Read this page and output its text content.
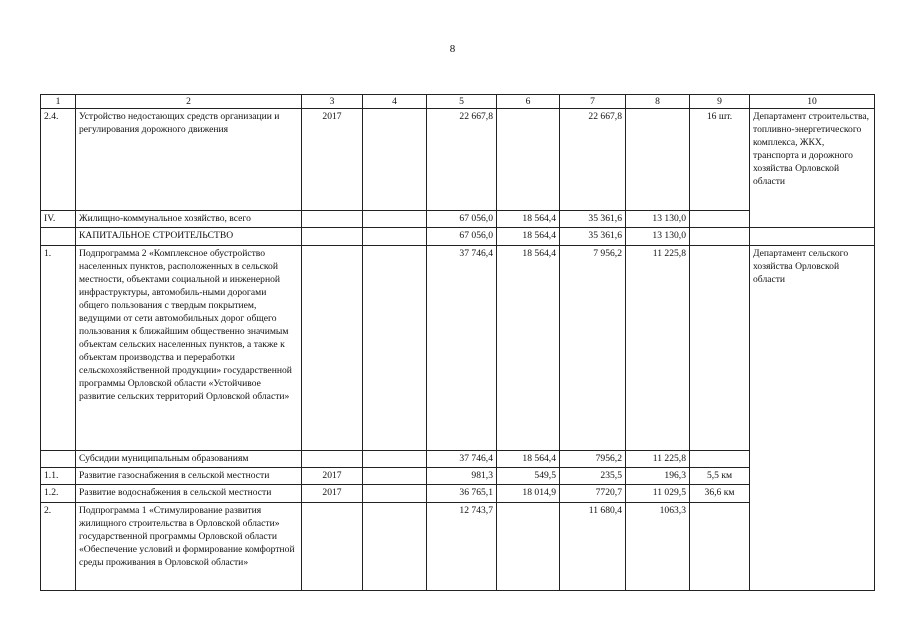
8
1	2	3	4	5	6	7	8	9	10
2.4.	Устройство недостающих средств организации и регулирования дорожного движения	2017		22 667,8		22 667,8		16 шт.	Департамент строительства, топливно-энергетического комплекса, ЖКХ, транспорта и дорожного хозяйства Орловской области
IV.	Жилищно-коммунальное хозяйство, всего			67 056,0	18 564,4	35 361,6	13 130,0		
	КАПИТАЛЬНОЕ СТРОИТЕЛЬСТВО			67 056,0	18 564,4	35 361,6	13 130,0		
1.	Подпрограмма 2 «Комплексное обустройство населенных пунктов, расположенных в сельской местности, объектами социальной и инженерной инфраструктуры, автомобиль-ными дорогами общего пользования с твердым покрытием, ведущими от сети автомобильных дорог общего пользования к ближайшим общественно значимым объектам сельских населенных пунктов, а также к объектам производства и переработки сельскохозяйственной продукции» государственной программы Орловской области «Устойчивое развитие сельских территорий Орловской области»			37 746,4	18 564,4	7 956,2	11 225,8		Департамент сельского хозяйства Орловской области
	Субсидии муниципальным образованиям			37 746,4	18 564,4	7956,2	11 225,8		
1.1.	Развитие газоснабжения в сельской местности	2017		981,3	549,5	235,5	196,3	5,5 км	
1.2.	Развитие водоснабжения в сельской местности	2017		36 765,1	18 014,9	7720,7	11 029,5	36,6 км	
2.	Подпрограмма 1 «Стимулирование развития жилищного строительства в Орловской области» государственной программы Орловской области «Обеспечение условий и формирование комфортной среды проживания в Орловской области»			12 743,7		11 680,4	1063,3		
